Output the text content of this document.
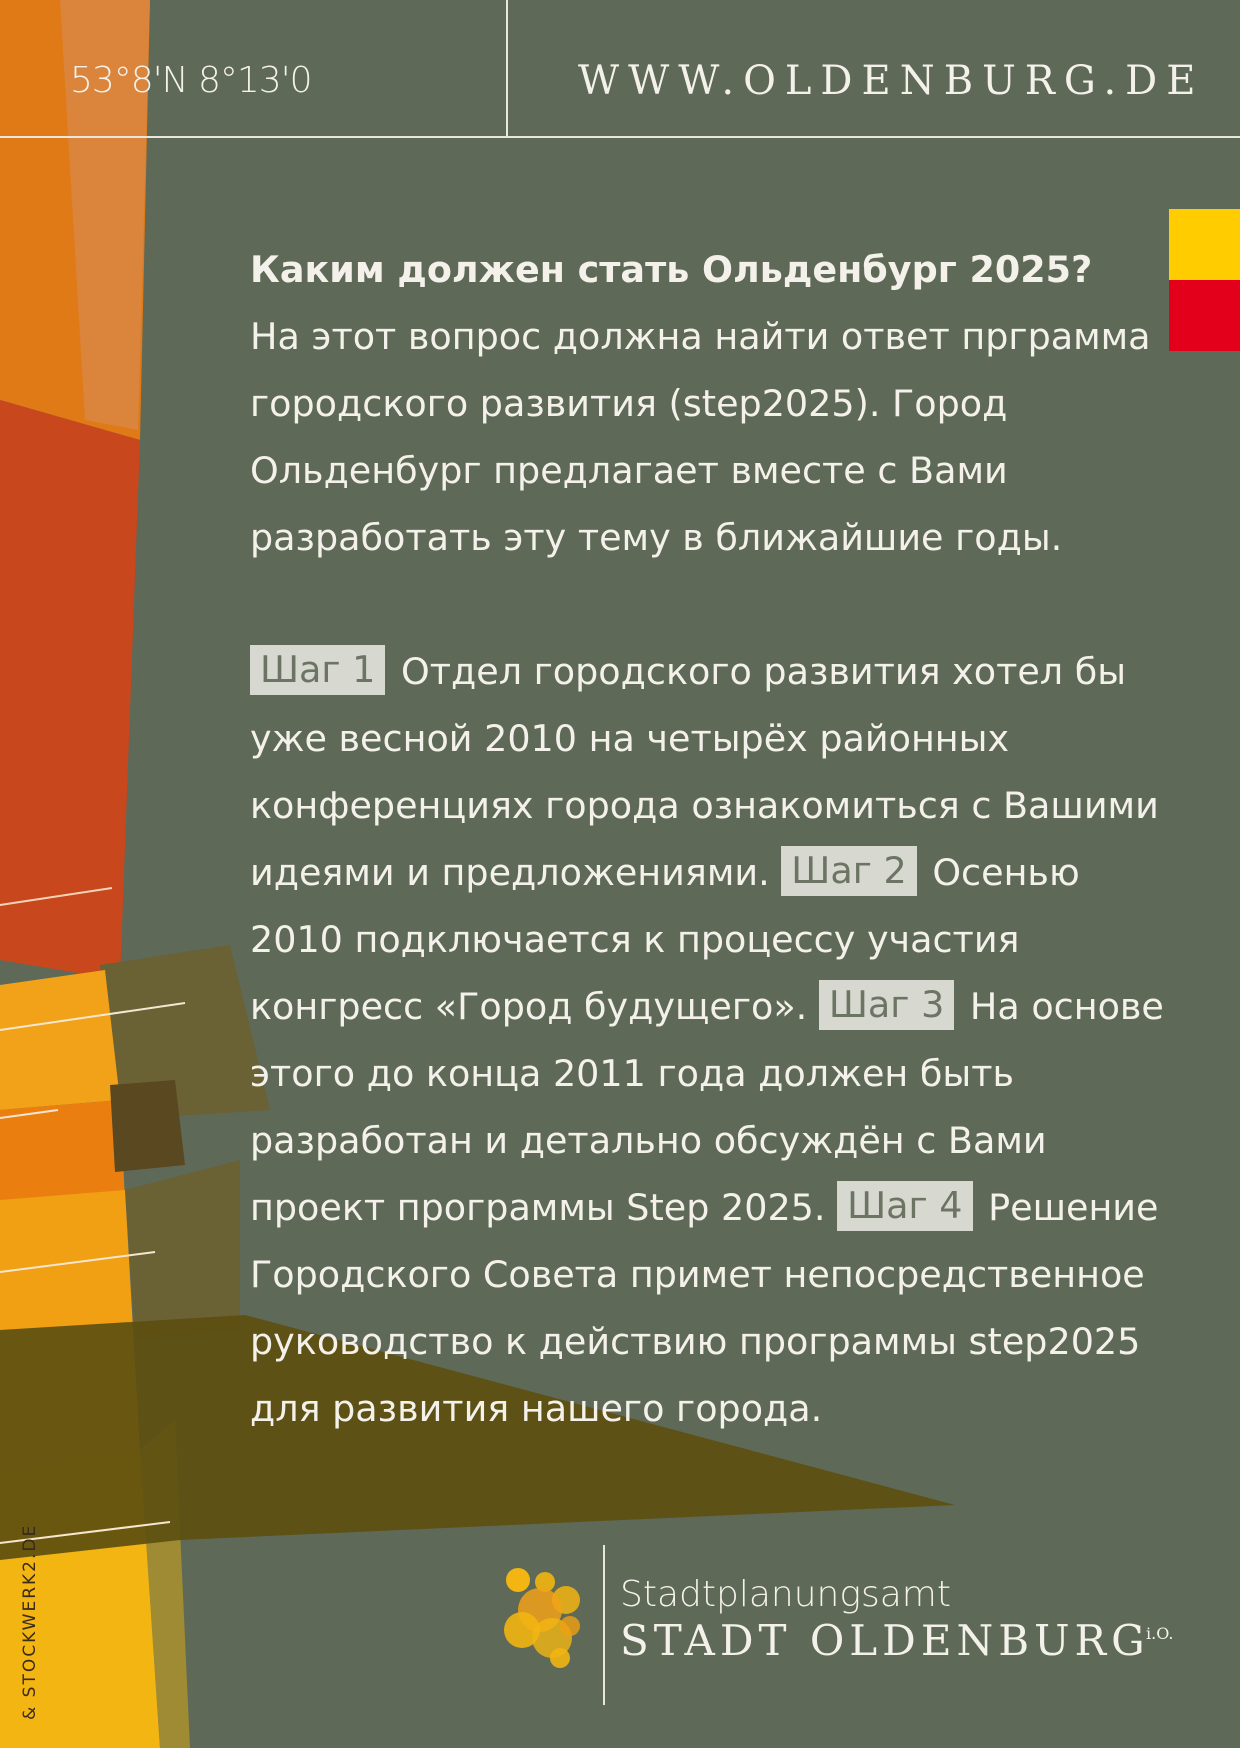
53°8'N 8°13'0	WWW.OLDENBURG.DE
Каким должен стать Ольденбург 2025?
На этот вопрос должна найти ответ прграмма городского развития (step2025). Город Ольденбург предлагает вместе с Вами разработать эту тему в ближайшие годы.
Шаг 1 Отдел городского развития хотел бы уже весной 2010 на четырёх районных конференциях города ознакомиться с Вашими идеями и предложениями. Шаг 2 Осенью 2010 подключается к процессу участия конгресс «Город будущего». Шаг 3 На основе этого до конца 2011 года должен быть разработан и детально обсуждён с Вами проект программы Step 2025. Шаг 4 Решение Городского Совета примет непосредственное руководство к действию программы step2025 для развития нашего города.
& STOCKWERK2.DE	Stadtplanungsamt
STADT OLDENBURG
i.O.
